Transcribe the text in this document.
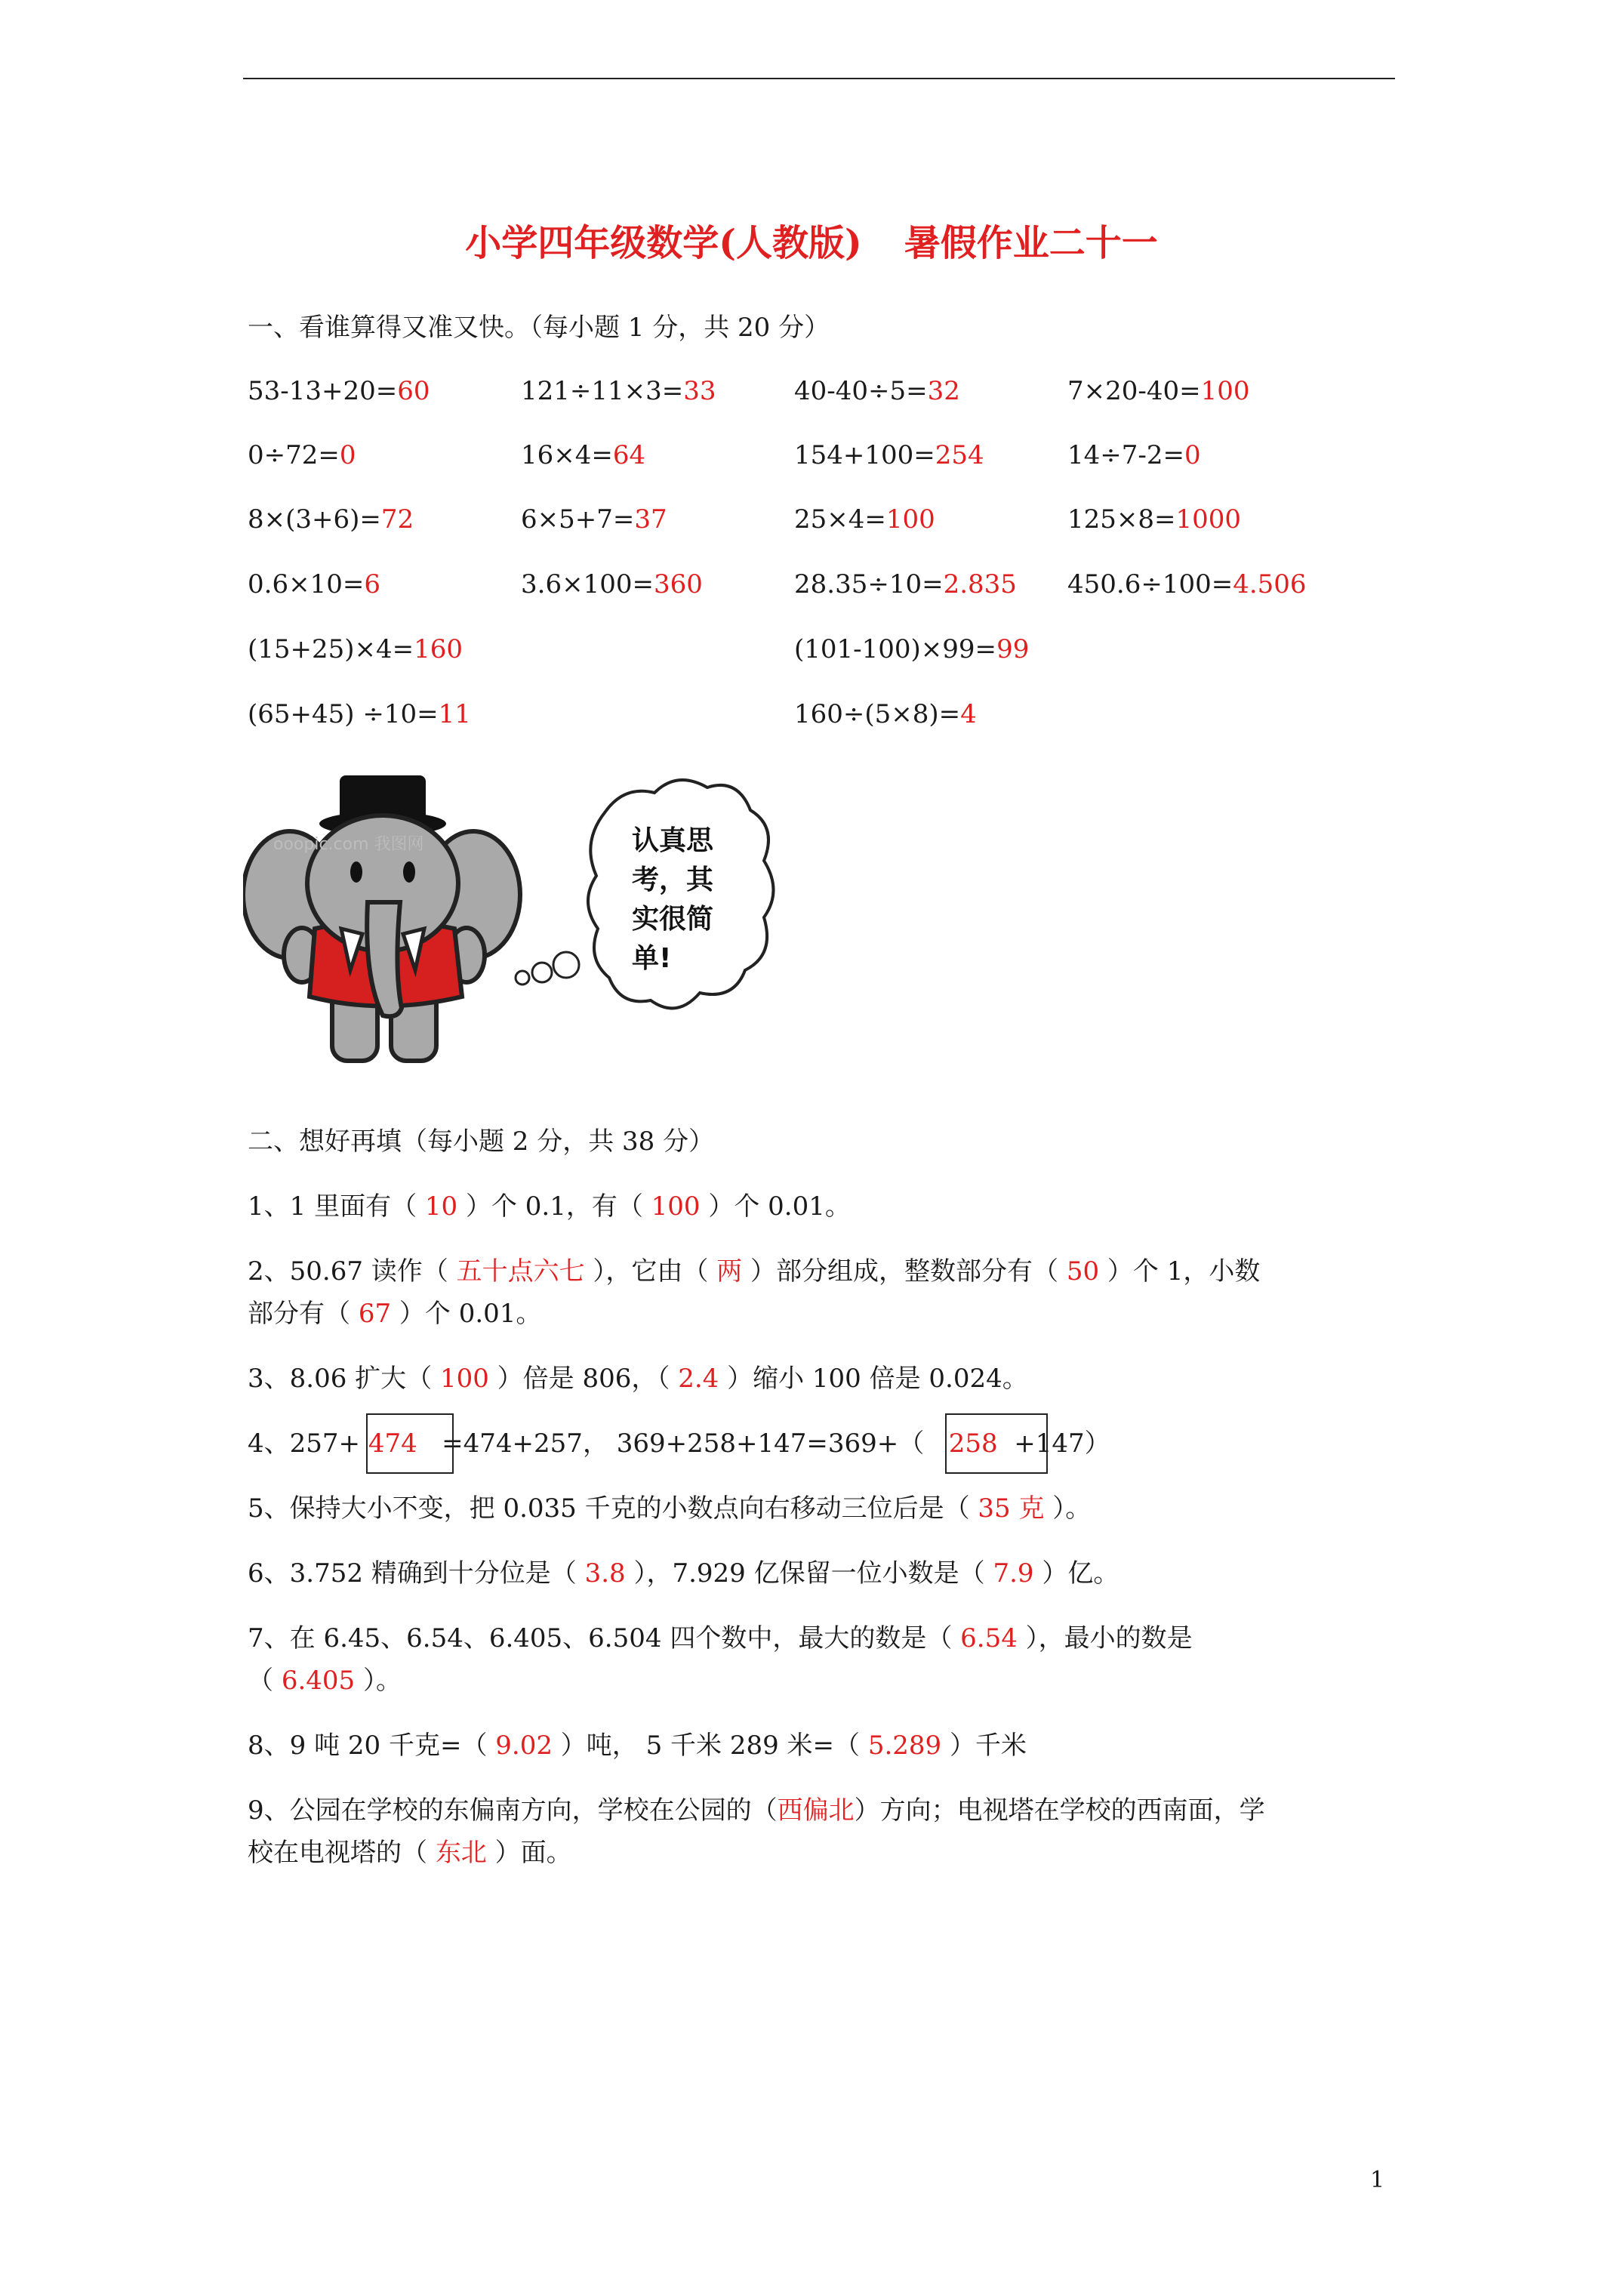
小学四年级数学(人教版) 暑假作业二十一
一、看谁算得又准又快。（每小题 1 分，共 20 分）
53-13+20=60	121÷11×3=33	40-40÷5=32	7×20-40=100
0÷72=0	16×4=64	154+100=254	14÷7-2=0
8×(3+6)=72	6×5+7=37	25×4=100	125×8=1000
0.6×10=6	3.6×100=360	28.35÷10=2.835 450.6÷100=4.506
(15+25)×4=160	(101-100)×99=99
(65+45) ÷10=11	160÷(5×8)=4
ooopic.com 我图网	认真思
考，其
实很简
单!
二、想好再填（每小题 2 分，共 38 分）
1、1 里面有（ 10 ）个 0.1，有（ 100 ）个 0.01。
2、50.67 读作（ 五十点六七 ），它由（ 两 ）部分组成，整数部分有（ 50 ）个 1，小数
部分有（ 67 ）个 0.01。
3、8.06 扩大（ 100 ）倍是 806，（ 2.4 ）缩小 100 倍是 0.024。
4、257+ 474 =474+257， 369+258+147=369+（   258 +147）
5、保持大小不变，把 0.035 千克的小数点向右移动三位后是（ 35 克 ）。
6、3.752 精确到十分位是（ 3.8 ），7.929 亿保留一位小数是（ 7.9 ）亿。
7、在 6.45、6.54、6.405、6.504 四个数中，最大的数是（ 6.54 ），最小的数是
（ 6.405 ）。
8、9 吨 20 千克=（ 9.02 ）吨， 5 千米 289 米=（ 5.289 ）千米
9、公园在学校的东偏南方向，学校在公园的（西偏北）方向；电视塔在学校的西南面，学
校在电视塔的（ 东北 ）面。
1
